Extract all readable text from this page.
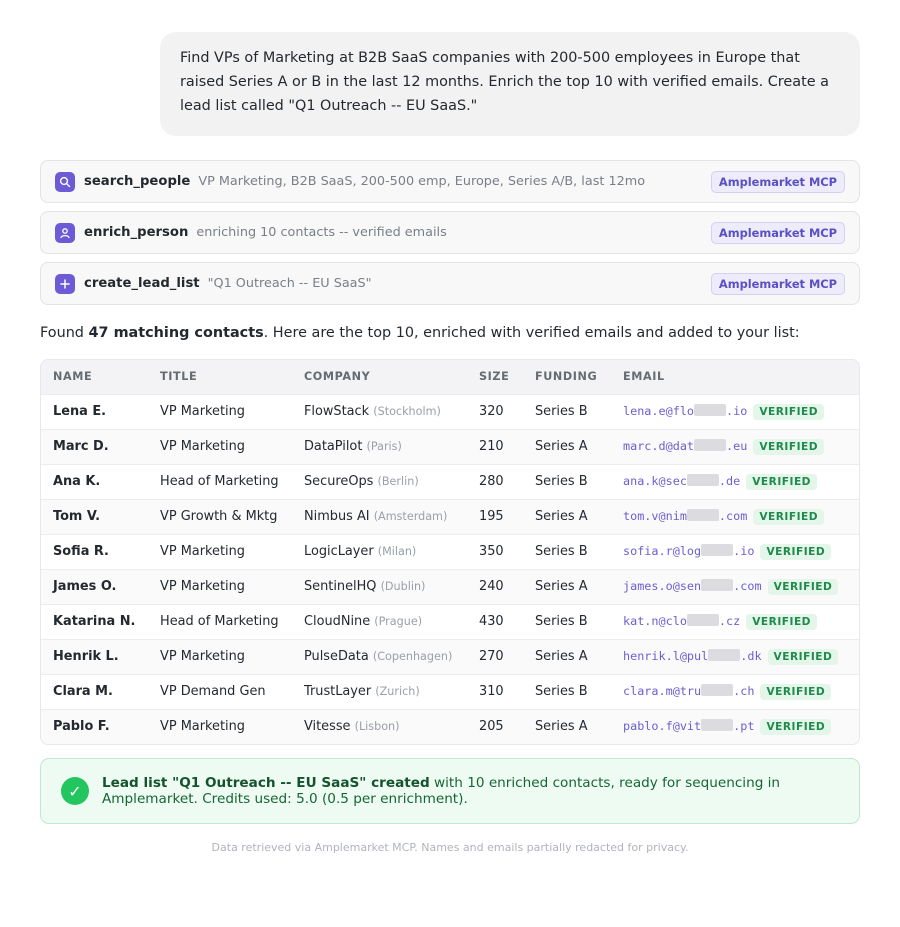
Find VPs of Marketing at B2B SaaS companies with 200-500 employees in Europe that raised Series A or B in the last 12 months. Enrich the top 10 with verified emails. Create a lead list called "Q1 Outreach -- EU SaaS."
search_people VP Marketing, B2B SaaS, 200-500 emp, Europe, Series A/B, last 12mo	Amplemarket MCP
enrich_person enriching 10 contacts -- verified emails	Amplemarket MCP
create_lead_list "Q1 Outreach -- EU SaaS"	Amplemarket MCP
Found 47 matching contacts. Here are the top 10, enriched with verified emails and added to your list:
NAME	TITLE	COMPANY	SIZE	FUNDING	EMAIL
Lena E.	VP Marketing	FlowStack (Stockholm)	320	Series B	lena.e@flo .io VERIFIED
Marc D.	VP Marketing	DataPilot (Paris)	210	Series A	marc.d@dat .eu VERIFIED
Ana K.	Head of Marketing	SecureOps (Berlin)	280	Series B	ana.k@sec .de VERIFIED
Tom V.	VP Growth & Mktg	Nimbus AI (Amsterdam)	195	Series A	tom.v@nim .com VERIFIED
Sofia R.	VP Marketing	LogicLayer (Milan)	350	Series B	sofia.r@log .io VERIFIED
James O.	VP Marketing	SentinelHQ (Dublin)	240	Series A	james.o@sen .com VERIFIED
Katarina N.	Head of Marketing	CloudNine (Prague)	430	Series B	kat.n@clo .cz VERIFIED
Henrik L.	VP Marketing	PulseData (Copenhagen)	270	Series A	henrik.l@pul .dk VERIFIED
Clara M.	VP Demand Gen	TrustLayer (Zurich)	310	Series B	clara.m@tru .ch VERIFIED
Pablo F.	VP Marketing	Vitesse (Lisbon)	205	Series A	pablo.f@vit .pt VERIFIED
✓	Lead list "Q1 Outreach -- EU SaaS" created with 10 enriched contacts, ready for sequencing in Amplemarket. Credits used: 5.0 (0.5 per enrichment).
Data retrieved via Amplemarket MCP. Names and emails partially redacted for privacy.
